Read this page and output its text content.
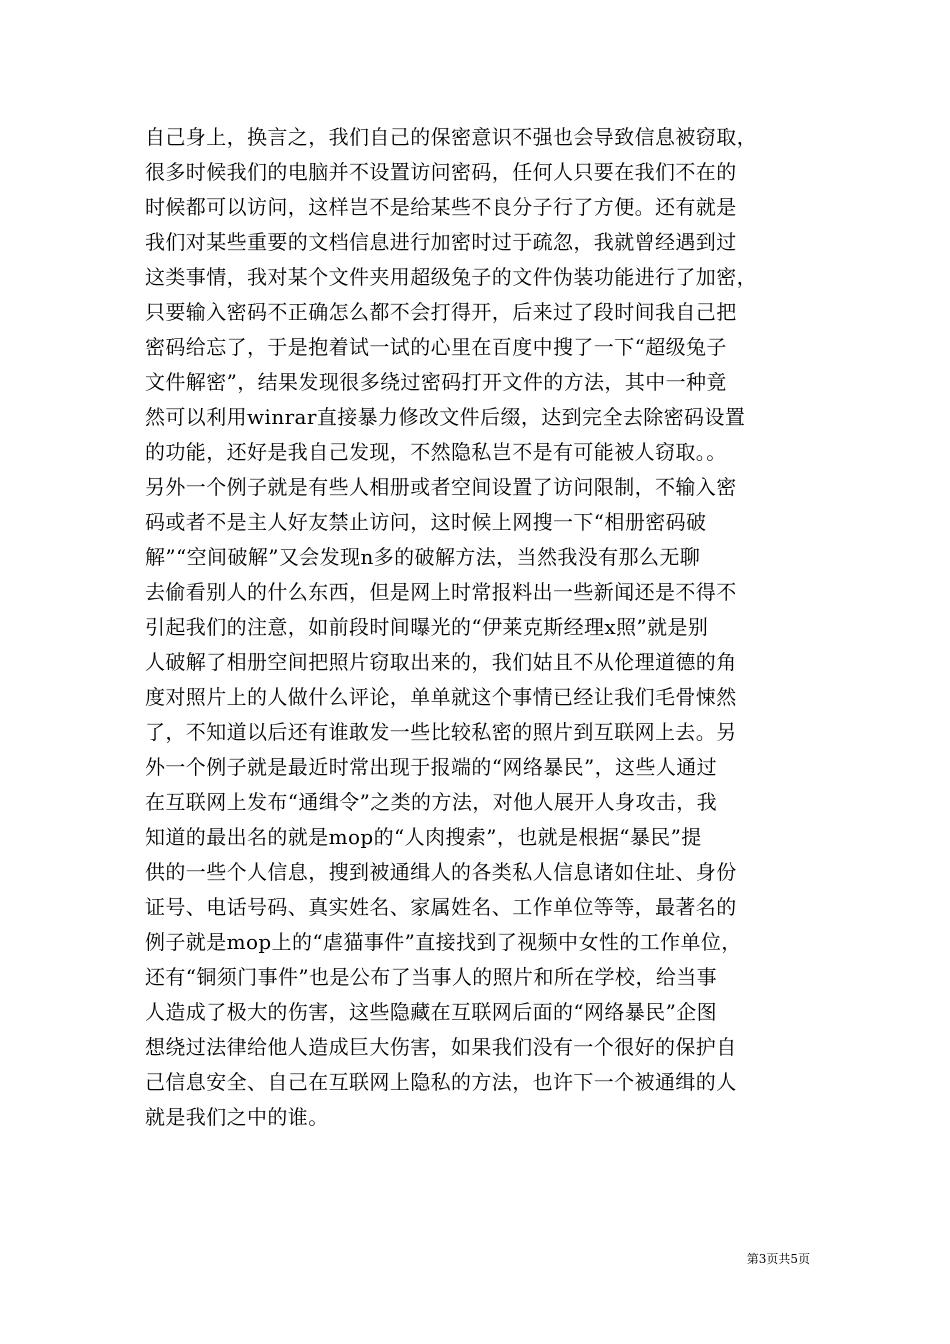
自己身上，换言之，我们自己的保密意识不强也会导致信息被窃取，
很多时候我们的电脑并不设置访问密码，任何人只要在我们不在的
时候都可以访问，这样岂不是给某些不良分子行了方便。还有就是
我们对某些重要的文档信息进行加密时过于疏忽，我就曾经遇到过
这类事情，我对某个文件夹用超级兔子的文件伪装功能进行了加密，
只要输入密码不正确怎么都不会打得开，后来过了段时间我自己把
密码给忘了，于是抱着试一试的心里在百度中搜了一下“超级兔子
文件解密”，结果发现很多绕过密码打开文件的方法，其中一种竟
然可以利用winrar直接暴力修改文件后缀，达到完全去除密码设置
的功能，还好是我自己发现，不然隐私岂不是有可能被人窃取。。
另外一个例子就是有些人相册或者空间设置了访问限制，不输入密
码或者不是主人好友禁止访问，这时候上网搜一下“相册密码破
解”“空间破解”又会发现n多的破解方法，当然我没有那么无聊
去偷看别人的什么东西，但是网上时常报料出一些新闻还是不得不
引起我们的注意，如前段时间曝光的“伊莱克斯经理x照”就是别
人破解了相册空间把照片窃取出来的，我们姑且不从伦理道德的角
度对照片上的人做什么评论，单单就这个事情已经让我们毛骨悚然
了，不知道以后还有谁敢发一些比较私密的照片到互联网上去。另
外一个例子就是最近时常出现于报端的“网络暴民”，这些人通过
在互联网上发布“通缉令”之类的方法，对他人展开人身攻击，我
知道的最出名的就是mop的“人肉搜索”，也就是根据“暴民”提
供的一些个人信息，搜到被通缉人的各类私人信息诸如住址、身份
证号、电话号码、真实姓名、家属姓名、工作单位等等，最著名的
例子就是mop上的“虐猫事件”直接找到了视频中女性的工作单位，
还有“铜须门事件”也是公布了当事人的照片和所在学校，给当事
人造成了极大的伤害，这些隐藏在互联网后面的“网络暴民”企图
想绕过法律给他人造成巨大伤害，如果我们没有一个很好的保护自
己信息安全、自己在互联网上隐私的方法，也许下一个被通缉的人
就是我们之中的谁。
第3页共5页
